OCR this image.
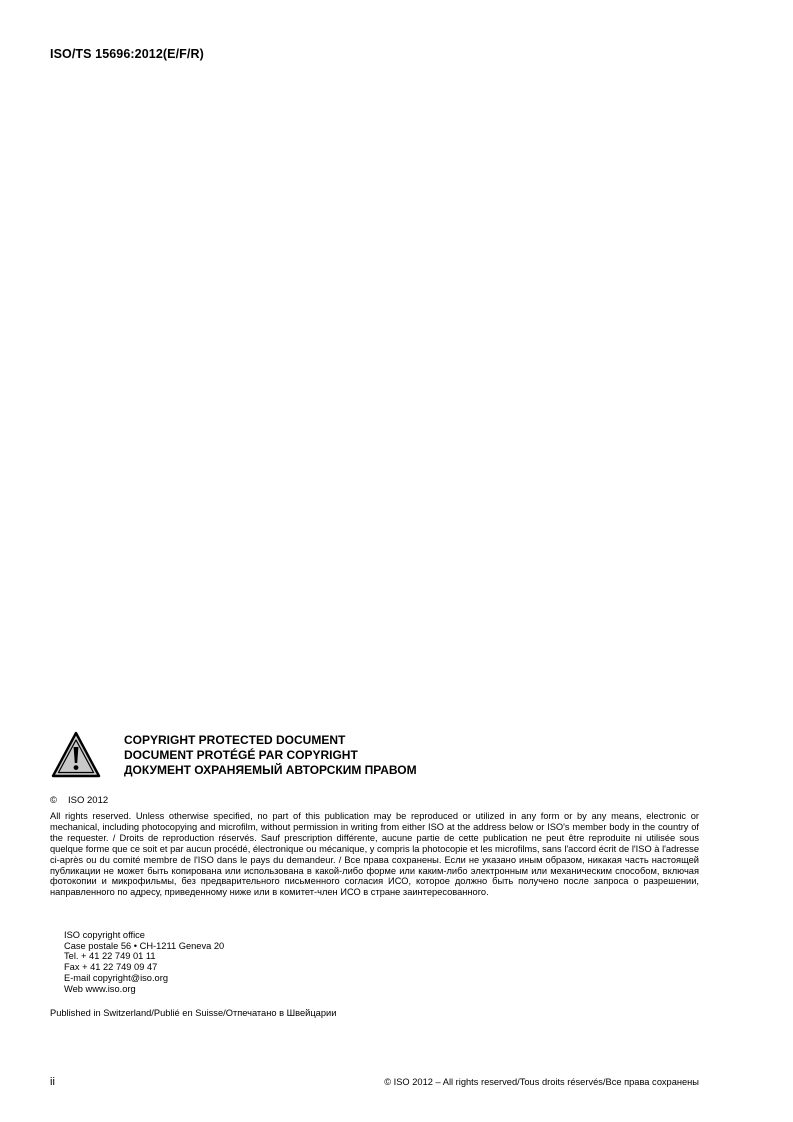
ISO/TS 15696:2012(E/F/R)
COPYRIGHT PROTECTED DOCUMENT
DOCUMENT PROTÉGÉ PAR COPYRIGHT
ДОКУМЕНТ ОХРАНЯЕМЫЙ АВТОРСКИМ ПРАВОМ
© ISO 2012

All rights reserved. Unless otherwise specified, no part of this publication may be reproduced or utilized in any form or by any means, electronic or mechanical, including photocopying and microfilm, without permission in writing from either ISO at the address below or ISO's member body in the country of the requester. / Droits de reproduction réservés. Sauf prescription différente, aucune partie de cette publication ne peut être reproduite ni utilisée sous quelque forme que ce soit et par aucun procédé, électronique ou mécanique, y compris la photocopie et les microfilms, sans l'accord écrit de l'ISO à l'adresse ci-après ou du comité membre de l'ISO dans le pays du demandeur. / Все права сохранены. Если не указано иным образом, никакая часть настоящей публикации не может быть копирована или использована в какой-либо форме или каким-либо электронным или механическим способом, включая фотокопии и микрофильмы, без предварительного письменного согласия ИСО, которое должно быть получено после запроса о разрешении, направленного по адресу, приведенному ниже или в комитет-член ИСО в стране заинтересованного.

ISO copyright office
Case postale 56 • CH-1211 Geneva 20
Tel. + 41 22 749 01 11
Fax + 41 22 749 09 47
E-mail copyright@iso.org
Web www.iso.org
Published in Switzerland/Publié en Suisse/Отпечатано в Швейцарии
ii	© ISO 2012 – All rights reserved/Tous droits réservés/Все права сохранены
